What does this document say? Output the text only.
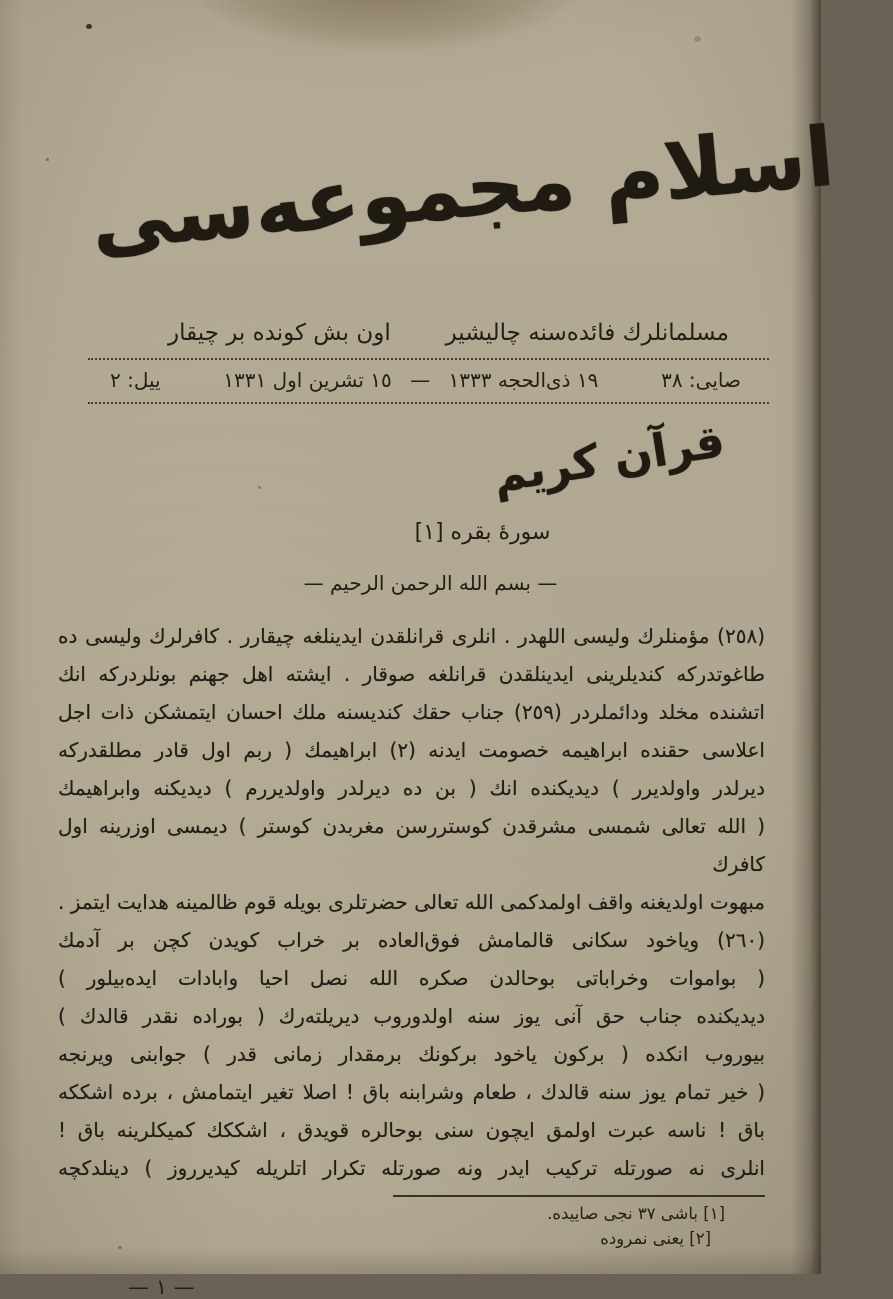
اسلام مجموعه‌سی
مسلمانلرك فائده‌سنه چالیشیر
اون بش كونده بر چیقار
صایی: ٣٨
١٩ ذی‌الحجه ١٣٣٣ — ١٥ تشرین اول ١٣٣١
ییل: ٢
قرآن كریم
سورهٔ بقره [١]
— بسم الله الرحمن الرحیم —

(٢٥٨) مؤمنلرك ولیسی اللهدر . انلری قرانلقدن ایدینلغه چیقارر . كافرلرك ولیسی ده

طاغوتدركه كندیلرینی ایدینلقدن قرانلغه صوقار . ایشته اهل جهنم بونلردركه انك

اتشنده مخلد ودائملردر (٢٥٩) جناب حقك كندیسنه ملك احسان ایتمشكن ذات اجل

اعلاسی حقنده ابراهیمه خصومت ایدنه (٢) ابراهیمك ( ربم اول قادر مطلقدركه

دیرلدر واولدیرر ) دیدیكنده انك ( بن ده دیرلدر واولدیررم ) دیدیكنه وابراهیمك

( الله تعالی شمسی مشرقدن كوستررسن مغربدن كوستر ) دیمسی اوزرینه اول كافرك

مبهوت اولدیغنه واقف اولمدكمی الله تعالی حضرتلری بویله قوم ظالمینه هدایت ایتمز .

(٢٦٠) ویاخود سكانی قالمامش فوق‌العاده بر خراب كویدن كچن بر آدمك

( بواموات وخراباتی بوحالدن صكره الله نصل احیا وابادات ایده‌بیلور )

دیدیكنده جناب حق آنی یوز سنه اولدوروب دیریلته‌رك ( بوراده نقدر قالدك )

بیوروب انكده ( بركون یاخود بركونك برمقدار زمانی قدر ) جوابنی ویرنجه

( خیر تمام یوز سنه قالدك ، طعام وشرابنه باق ! اصلا تغیر ایتمامش ، برده اشككه

باق ! ناسه عبرت اولمق ایچون سنی بوحالره قویدق ، اشككك كمیكلرینه باق !

انلری نه صورتله تركیب ایدر ونه صورتله تكرار اتلریله كیدیرروز ) دینلدكچه

[١] باشی ٣٧ نجی صاییده.

[٢] یعنی نمروده

— ١ —
